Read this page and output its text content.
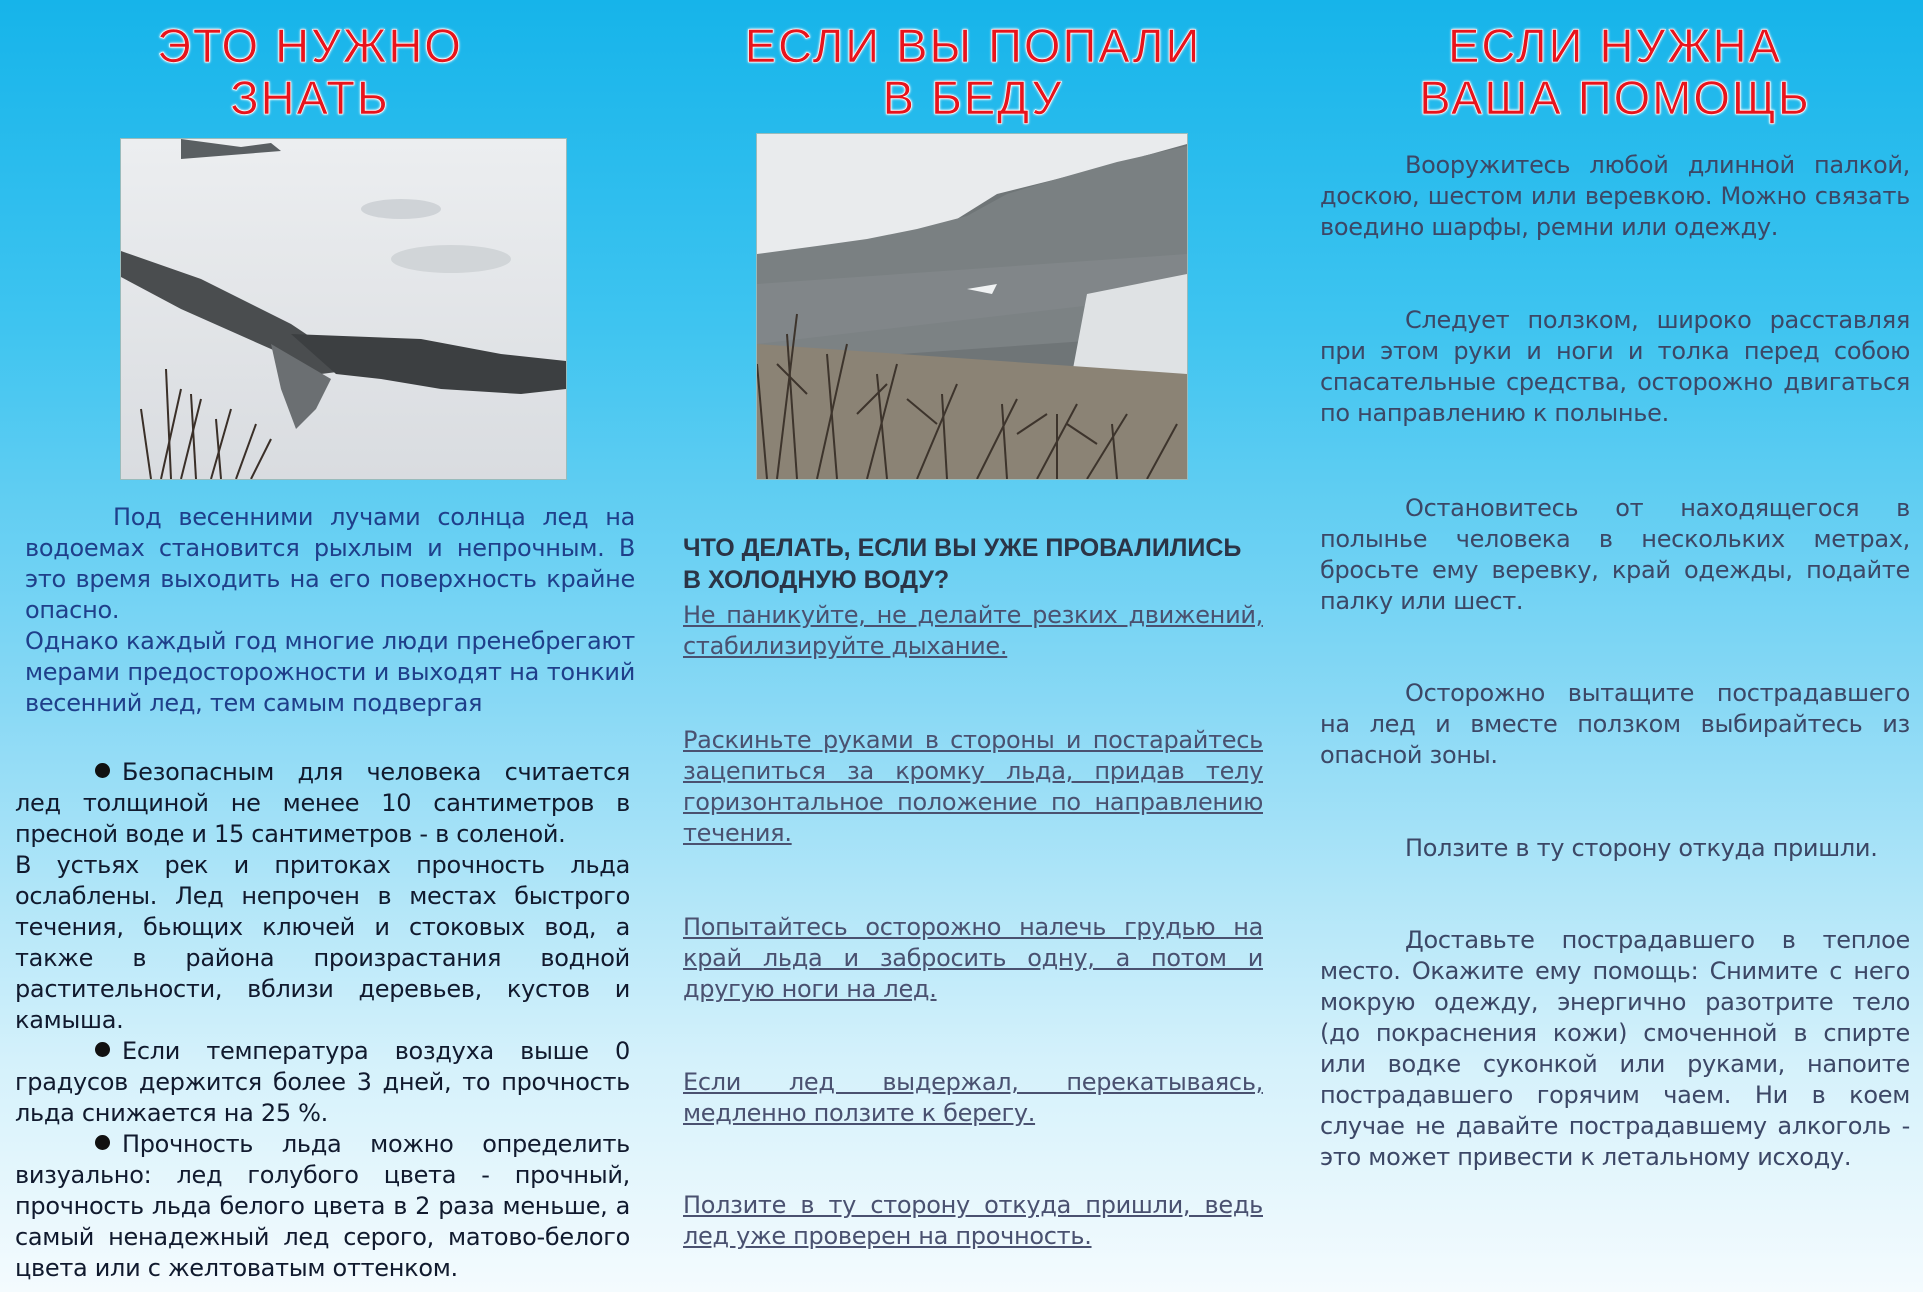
ЭТО НУЖНО
ЗНАТЬ

Под весенними лучами солнца лед на водоемах становится рыхлым и непрочным. В это время выходить на его поверхность крайне опасно.

Однако каждый год многие люди пренебрегают мерами предосторожности и выходят на тонкий весенний лед, тем самым подвергая

Безопасным для человека считается лед толщиной не менее 10 сантиметров в пресной воде и 15 сантиметров - в соленой.

В устьях рек и притоках прочность льда ослаблены. Лед непрочен в местах быстрого течения, бьющих ключей и стоковых вод, а также в района произрастания водной растительности, вблизи деревьев, кустов и камыша.

Если температура воздуха выше 0 градусов держится более 3 дней, то прочность льда снижается на 25 %.

Прочность льда можно определить визуально: лед голубого цвета - прочный, прочность льда белого цвета в 2 раза меньше, а самый ненадежный лед серого, матово-белого цвета или с желтоватым оттенком.

ЕСЛИ ВЫ ПОПАЛИ
В БЕДУ

ЧТО ДЕЛАТЬ, ЕСЛИ ВЫ УЖЕ ПРОВАЛИЛИСЬ В ХОЛОДНУЮ ВОДУ?

Не паникуйте, не делайте резких движений, стабилизируйте дыхание.

Раскиньте руками в стороны и постарайтесь зацепиться за кромку льда, придав телу горизонтальное положение по направлению течения.

Попытайтесь осторожно налечь грудью на край льда и забросить одну, а потом и другую ноги на лед.

Если лед выдержал, перекатываясь, медленно ползите к берегу.

Ползите в ту сторону откуда пришли, ведь лед уже проверен на прочность.

ЕСЛИ НУЖНА
ВАША ПОМОЩЬ

Вооружитесь любой длинной палкой, доскою, шестом или веревкою. Можно связать воедино шарфы, ремни или одежду.

Следует ползком, широко расставляя при этом руки и ноги и толка перед собою спасательные средства, осторожно двигаться по направлению к полынье.

Остановитесь от находящегося в полынье человека в нескольких метрах, бросьте ему веревку, край одежды, подайте палку или шест.

Осторожно вытащите пострадавшего на лед и вместе ползком выбирайтесь из опасной зоны.

Ползите в ту сторону откуда пришли.

Доставьте пострадавшего в теплое место. Окажите ему помощь: Снимите с него мокрую одежду, энергично разотрите тело (до покраснения кожи) смоченной в спирте или водке суконкой или руками, напоите пострадавшего горячим чаем. Ни в коем случае не давайте пострадавшему алкоголь - это может привести к летальному исходу.
